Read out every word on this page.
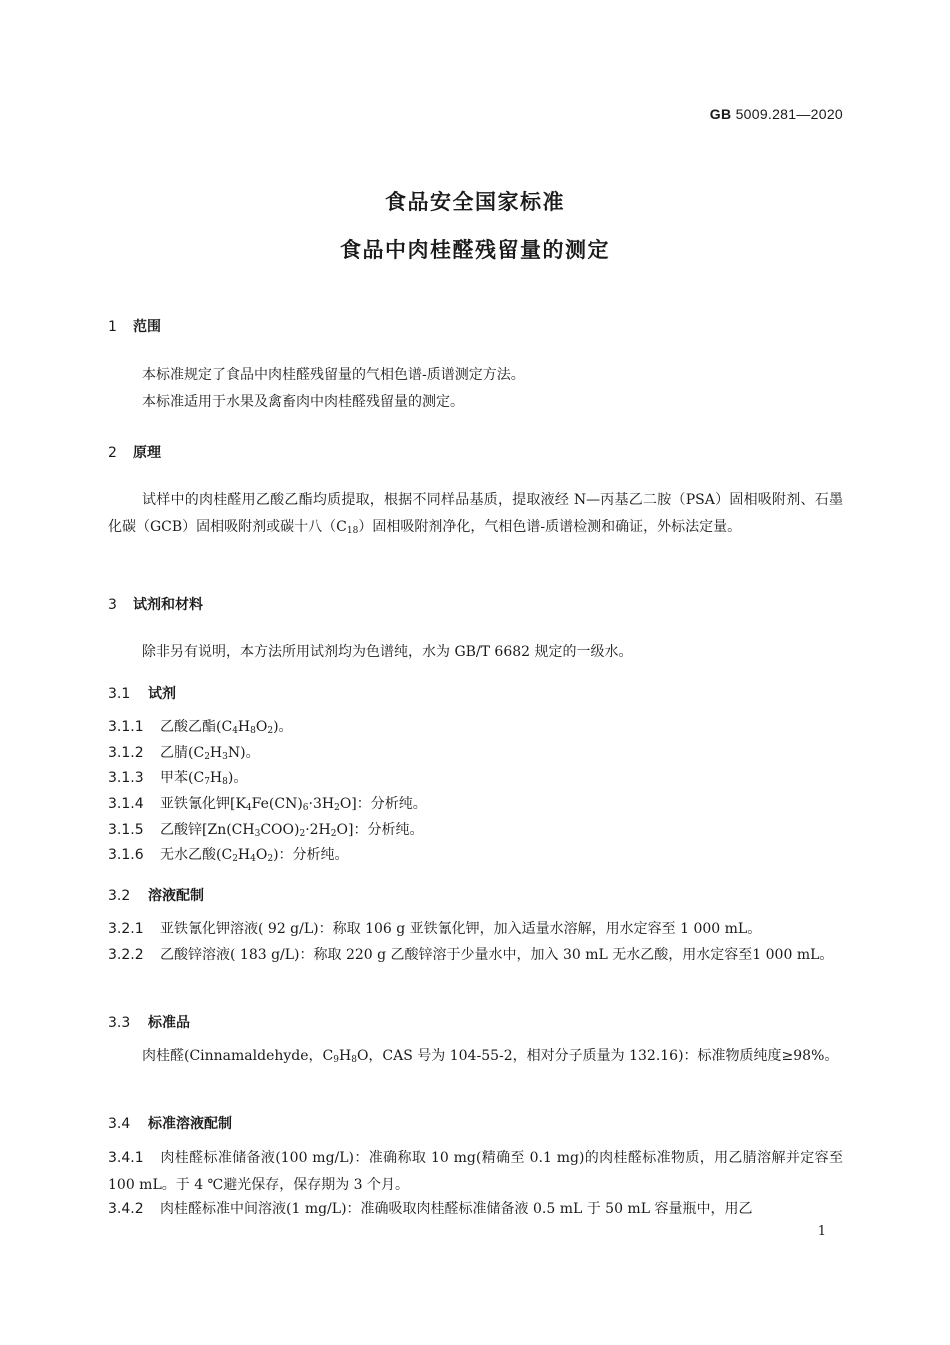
GB 5009.281—2020
食品安全国家标准
食品中肉桂醛残留量的测定
1 范围
本标准规定了食品中肉桂醛残留量的气相色谱-质谱测定方法。
本标准适用于水果及禽畜肉中肉桂醛残留量的测定。
2 原理
试样中的肉桂醛用乙酸乙酯均质提取，根据不同样品基质，提取液经 N—丙基乙二胺（PSA）固相吸附剂、石墨化碳（GCB）固相吸附剂或碳十八$(C_{18})$固相吸附剂净化，气相色谱-质谱检测和确证，外标法定量。
3 试剂和材料
除非另有说明，本方法所用试剂均为色谱纯，水为 GB/T 6682 规定的一级水。
3.1 试剂
3.1.1 乙酸乙酯$(C_4H_8O_2)$。
3.1.2 乙腈$(C_2H_3N)$。
3.1.3 甲苯$(C_7H_8)$。
3.1.4 亚铁氰化钾$[K_4Fe(CN)_6\cdot 3H_2O]$：分析纯。
3.1.5 乙酸锌$[Zn(CH_3COO)_2\cdot 2H_2O]$：分析纯。
3.1.6 无水乙酸$(C_2H_4O_2)$：分析纯。
3.2 溶液配制
3.2.1 亚铁氰化钾溶液( 92 g/L)：称取 106 g 亚铁氰化钾，加入适量水溶解，用水定容至 1 000 mL。
3.2.2 乙酸锌溶液( 183 g/L)：称取 220 g 乙酸锌溶于少量水中，加入 30 mL 无水乙酸，用水定容至1 000 mL。
3.3 标准品
肉桂醛(Cinnamaldehyde，$C_9H_8O$，CAS 号为 104-55-2，相对分子质量为 132.16)：标准物质纯度≥98%。
3.4 标准溶液配制
3.4.1 肉桂醛标准储备液(100 mg/L)：准确称取 10 mg(精确至 0.1 mg)的肉桂醛标准物质，用乙腈溶解并定容至 100 mL。于 4 ℃避光保存，保存期为 3 个月。
3.4.2 肉桂醛标准中间溶液(1 mg/L)：准确吸取肉桂醛标准储备液 0.5 mL 于 50 mL 容量瓶中，用乙
1
